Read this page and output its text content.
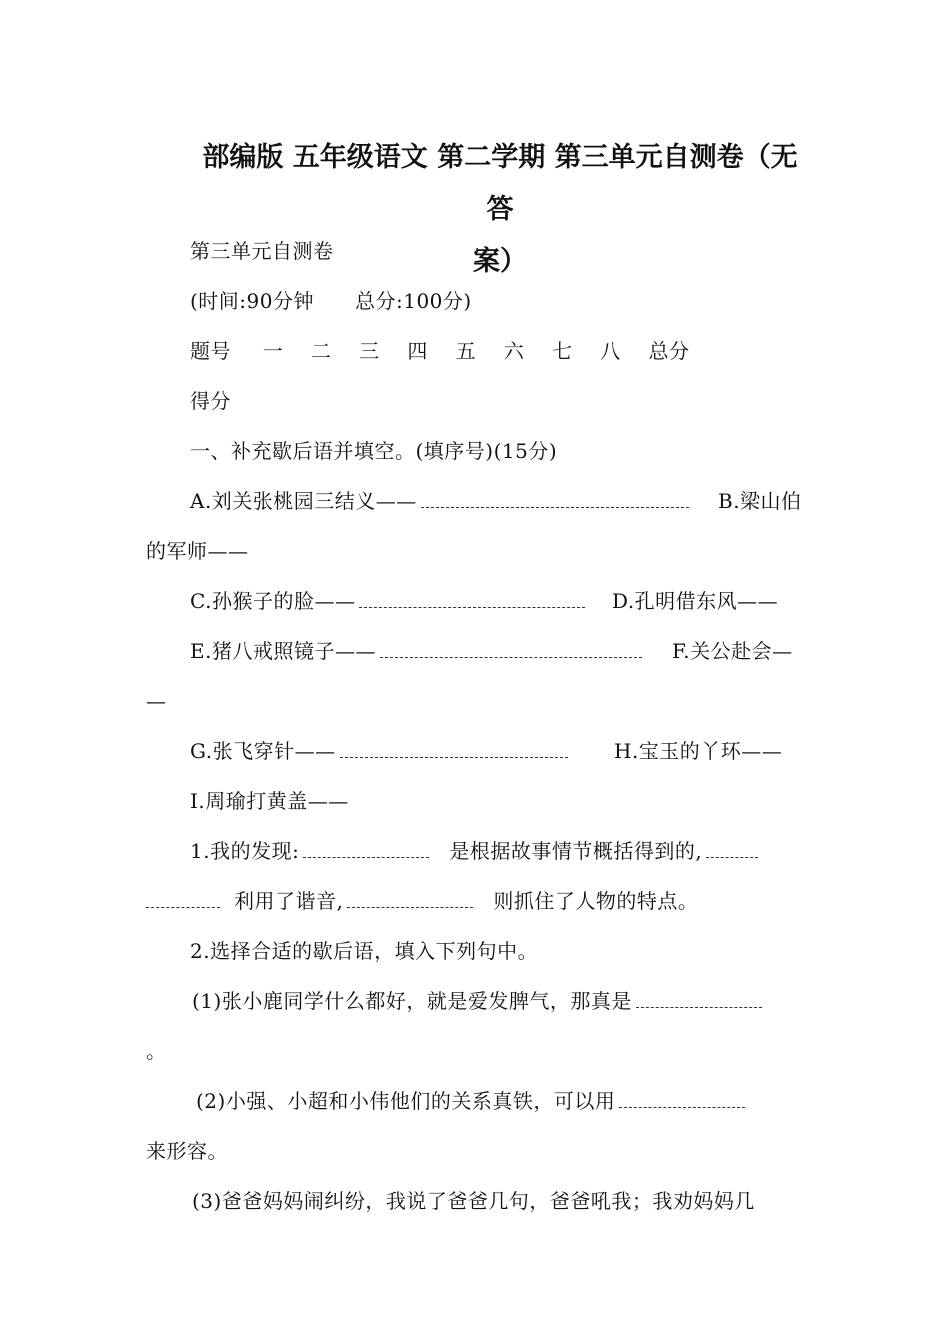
部编版 五年级语文 第二学期 第三单元自测卷（无答
案）
第三单元自测卷
(时间:90分钟　　总分:100分)
题号 一 二 三 四 五 六 七 八 总分
得分
一、补充歇后语并填空。(填序号)(15分)
A.刘关张桃园三结义——	B.梁山伯
的军师——
C.孙猴子的脸——	D.孔明借东风——
E.猪八戒照镜子——	F.关公赴会—
—
G.张飞穿针——	H.宝玉的丫环——
I.周瑜打黄盖——
1.我的发现:	是根据故事情节概括得到的,
利用了谐音,	则抓住了人物的特点。
2.选择合适的歇后语，填入下列句中。
(1)张小鹿同学什么都好，就是爱发脾气，那真是
。
(2)小强、小超和小伟他们的关系真铁，可以用
来形容。
(3)爸爸妈妈闹纠纷，我说了爸爸几句，爸爸吼我；我劝妈妈几
